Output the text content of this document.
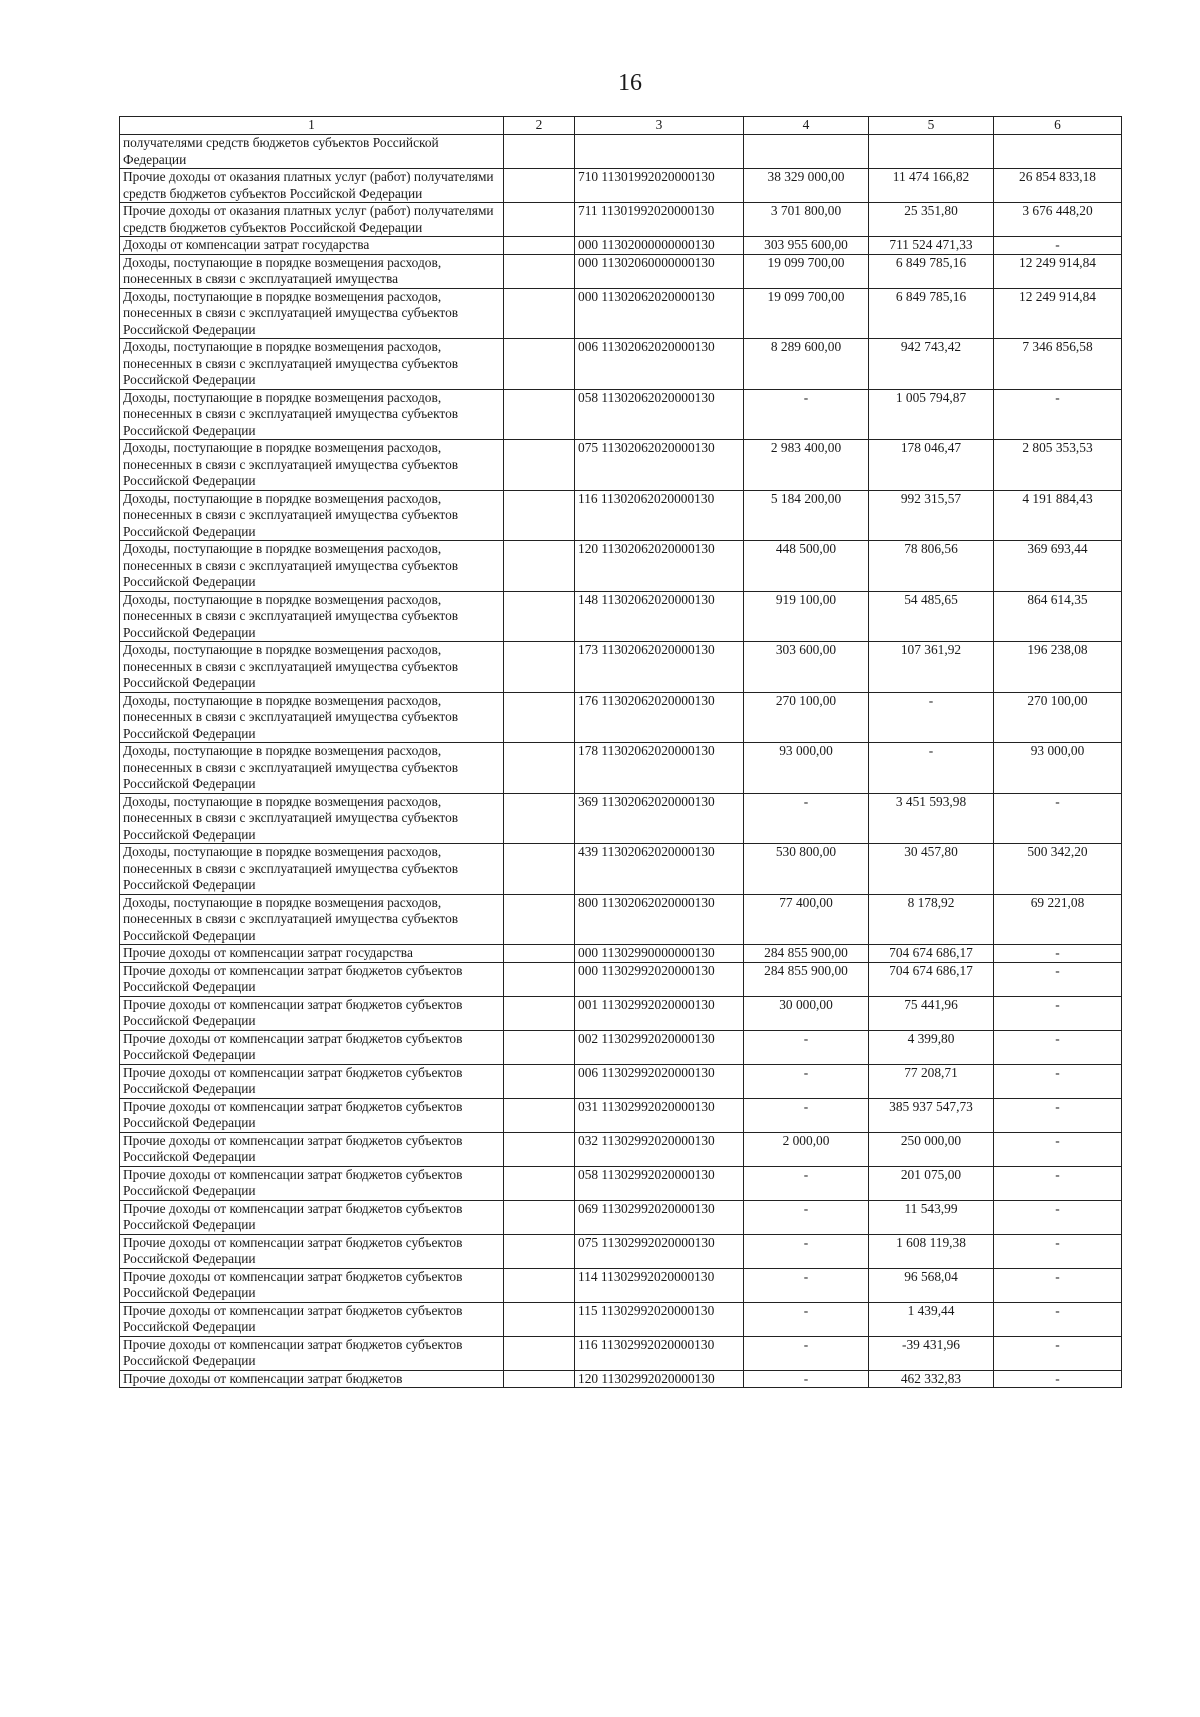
16
1	2	3	4	5	6
получателями средств бюджетов субъектов Российской Федерации					
Прочие доходы от оказания платных услуг (работ) получателями средств бюджетов субъектов Российской Федерации		710 11301992020000130	38 329 000,00	11 474 166,82	26 854 833,18
Прочие доходы от оказания платных услуг (работ) получателями средств бюджетов субъектов Российской Федерации		711 11301992020000130	3 701 800,00	25 351,80	3 676 448,20
Доходы от компенсации затрат государства		000 11302000000000130	303 955 600,00	711 524 471,33	-
Доходы, поступающие в порядке возмещения расходов, понесенных в связи с эксплуатацией имущества		000 11302060000000130	19 099 700,00	6 849 785,16	12 249 914,84
Доходы, поступающие в порядке возмещения расходов, понесенных в связи с эксплуатацией имущества субъектов Российской Федерации		000 11302062020000130	19 099 700,00	6 849 785,16	12 249 914,84
Доходы, поступающие в порядке возмещения расходов, понесенных в связи с эксплуатацией имущества субъектов Российской Федерации		006 11302062020000130	8 289 600,00	942 743,42	7 346 856,58
Доходы, поступающие в порядке возмещения расходов, понесенных в связи с эксплуатацией имущества субъектов Российской Федерации		058 11302062020000130	-	1 005 794,87	-
Доходы, поступающие в порядке возмещения расходов, понесенных в связи с эксплуатацией имущества субъектов Российской Федерации		075 11302062020000130	2 983 400,00	178 046,47	2 805 353,53
Доходы, поступающие в порядке возмещения расходов, понесенных в связи с эксплуатацией имущества субъектов Российской Федерации		116 11302062020000130	5 184 200,00	992 315,57	4 191 884,43
Доходы, поступающие в порядке возмещения расходов, понесенных в связи с эксплуатацией имущества субъектов Российской Федерации		120 11302062020000130	448 500,00	78 806,56	369 693,44
Доходы, поступающие в порядке возмещения расходов, понесенных в связи с эксплуатацией имущества субъектов Российской Федерации		148 11302062020000130	919 100,00	54 485,65	864 614,35
Доходы, поступающие в порядке возмещения расходов, понесенных в связи с эксплуатацией имущества субъектов Российской Федерации		173 11302062020000130	303 600,00	107 361,92	196 238,08
Доходы, поступающие в порядке возмещения расходов, понесенных в связи с эксплуатацией имущества субъектов Российской Федерации		176 11302062020000130	270 100,00	-	270 100,00
Доходы, поступающие в порядке возмещения расходов, понесенных в связи с эксплуатацией имущества субъектов Российской Федерации		178 11302062020000130	93 000,00	-	93 000,00
Доходы, поступающие в порядке возмещения расходов, понесенных в связи с эксплуатацией имущества субъектов Российской Федерации		369 11302062020000130	-	3 451 593,98	-
Доходы, поступающие в порядке возмещения расходов, понесенных в связи с эксплуатацией имущества субъектов Российской Федерации		439 11302062020000130	530 800,00	30 457,80	500 342,20
Доходы, поступающие в порядке возмещения расходов, понесенных в связи с эксплуатацией имущества субъектов Российской Федерации		800 11302062020000130	77 400,00	8 178,92	69 221,08
Прочие доходы от компенсации затрат государства		000 11302990000000130	284 855 900,00	704 674 686,17	-
Прочие доходы от компенсации затрат бюджетов субъектов Российской Федерации		000 11302992020000130	284 855 900,00	704 674 686,17	-
Прочие доходы от компенсации затрат бюджетов субъектов Российской Федерации		001 11302992020000130	30 000,00	75 441,96	-
Прочие доходы от компенсации затрат бюджетов субъектов Российской Федерации		002 11302992020000130	-	4 399,80	-
Прочие доходы от компенсации затрат бюджетов субъектов Российской Федерации		006 11302992020000130	-	77 208,71	-
Прочие доходы от компенсации затрат бюджетов субъектов Российской Федерации		031 11302992020000130	-	385 937 547,73	-
Прочие доходы от компенсации затрат бюджетов субъектов Российской Федерации		032 11302992020000130	2 000,00	250 000,00	-
Прочие доходы от компенсации затрат бюджетов субъектов Российской Федерации		058 11302992020000130	-	201 075,00	-
Прочие доходы от компенсации затрат бюджетов субъектов Российской Федерации		069 11302992020000130	-	11 543,99	-
Прочие доходы от компенсации затрат бюджетов субъектов Российской Федерации		075 11302992020000130	-	1 608 119,38	-
Прочие доходы от компенсации затрат бюджетов субъектов Российской Федерации		114 11302992020000130	-	96 568,04	-
Прочие доходы от компенсации затрат бюджетов субъектов Российской Федерации		115 11302992020000130	-	1 439,44	-
Прочие доходы от компенсации затрат бюджетов субъектов Российской Федерации		116 11302992020000130	-	-39 431,96	-
Прочие доходы от компенсации затрат бюджетов		120 11302992020000130	-	462 332,83	-
